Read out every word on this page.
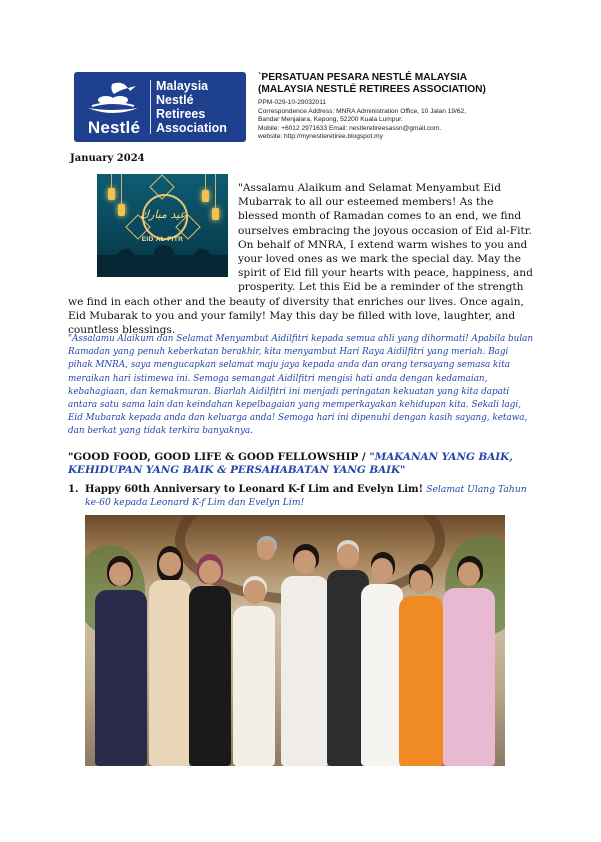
Nestlé
Malaysia
Nestlé
Retirees
Association
`PERSATUAN PESARA NESTLÉ MALAYSIA
(MALAYSIA NESTLÉ RETIREES ASSOCIATION)
PPM-029-10-29032011
Correspondence Address: MNRA Administration Office, 10 Jalan 19/62,
Bandar Menjalara, Kepong, 52200 Kuala Lumpur.
Mobile: +6012 2971633 Email: nestleretireesassn@gmail.com.
website: http://mynestleretiree.blogspot.my
January 2024
عيد مبارك
EID AL FITR
"Assalamu Alaikum and Selamat Menyambut Eid Mubarrak to all our esteemed members! As the blessed month of Ramadan comes to an end, we find ourselves embracing the joyous occasion of Eid al-Fitr. On behalf of MNRA, I extend warm wishes to you and your loved ones as we mark the special day. May the spirit of Eid fill your hearts with peace, happiness, and prosperity. Let this Eid be a reminder of the strength we find in each other and the beauty of diversity that enriches our lives. Once again, Eid Mubarak to you and your family! May this day be filled with love, laughter, and countless blessings.
"Assalamu Alaikum dan Selamat Menyambut Aidilfitri kepada semua ahli yang dihormati! Apabila bulan Ramadan yang penuh keberkatan berakhir, kita menyambut Hari Raya Aidilfitri yang meriah. Bagi pihak MNRA, saya mengucapkan selamat maju jaya kepada anda dan orang tersayang semasa kita meraikan hari istimewa ini. Semoga semangat Aidilfitri mengisi hati anda dengan kedamaian, kebahagiaan, dan kemakmuran. Biarlah Aidilfitri ini menjadi peringatan kekuatan yang kita dapati antara satu sama lain dan keindahan kepelbagaian yang memperkayakan kehidupan kita. Sekali lagi, Eid Mubarak kepada anda dan keluarga anda! Semoga hari ini dipenuhi dengan kasih sayang, ketawa, dan berkat yang tidak terkira banyaknya.
"GOOD FOOD, GOOD LIFE & GOOD FELLOWSHIP / "MAKANAN YANG BAIK, KEHIDUPAN YANG BAIK & PERSAHABATAN YANG BAIK"
1. Happy 60th Anniversary to Leonard K-f Lim and Evelyn Lim! Selamat Ulang Tahun ke-60 kepada Leonard K-f Lim dan Evelyn Lim!
